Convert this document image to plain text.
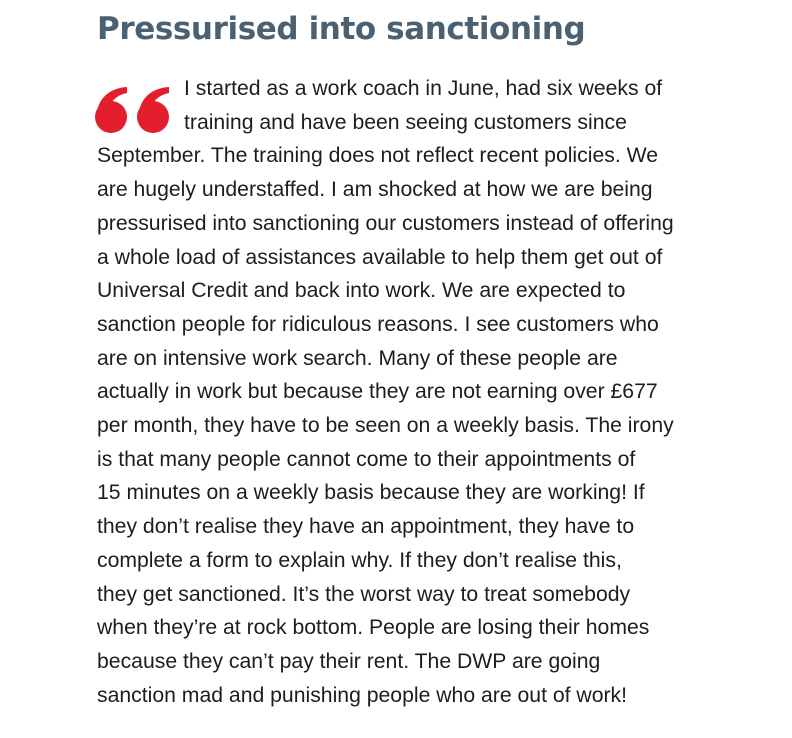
Pressurised into sanctioning
I started as a work coach in June, had six weeks of
training and have been seeing customers since
September. The training does not reflect recent policies. We
are hugely understaffed. I am shocked at how we are being
pressurised into sanctioning our customers instead of offering
a whole load of assistances available to help them get out of
Universal Credit and back into work. We are expected to
sanction people for ridiculous reasons. I see customers who
are on intensive work search. Many of these people are
actually in work but because they are not earning over £677
per month, they have to be seen on a weekly basis. The irony
is that many people cannot come to their appointments of
15 minutes on a weekly basis because they are working! If
they don’t realise they have an appointment, they have to
complete a form to explain why. If they don’t realise this,
they get sanctioned. It’s the worst way to treat somebody
when they’re at rock bottom. People are losing their homes
because they can’t pay their rent. The DWP are going
sanction mad and punishing people who are out of work!
